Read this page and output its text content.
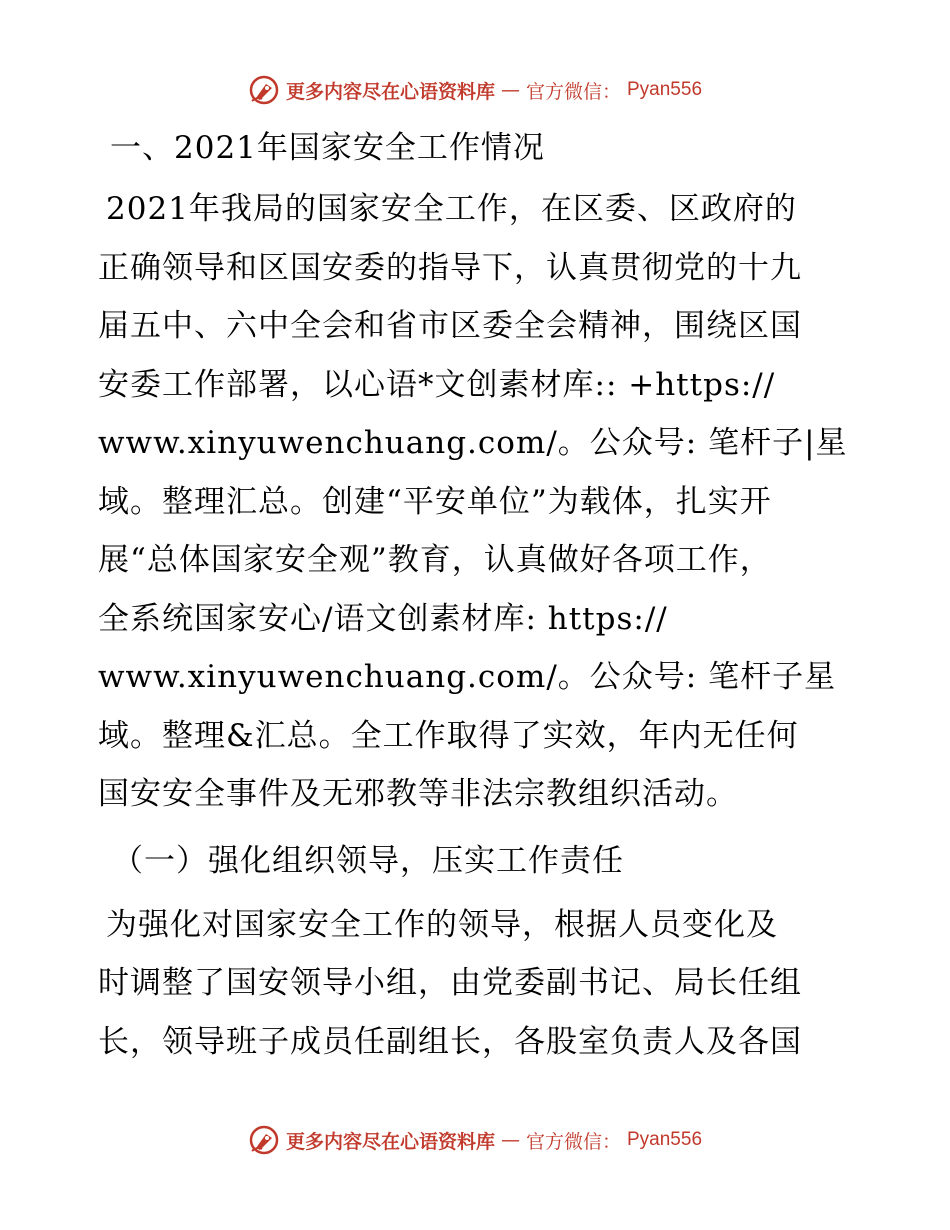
更多内容尽在心语资料库 — 官方微信： Pyan556
一、2021年国家安全工作情况

2021年我局的国家安全工作，在区委、区政府的
正确领导和区国安委的指导下，认真贯彻党的十九
届五中、六中全会和省市区委全会精神，围绕区国
安委工作部署，以心语*文创素材库:: +https://
www.xinyuwenchuang.com/。公众号: 笔杆子|星
域。整理汇总。创建“平安单位”为载体，扎实开
展“总体国家安全观”教育，认真做好各项工作，
全系统国家安心/语文创素材库: https://
www.xinyuwenchuang.com/。公众号: 笔杆子星
域。整理&汇总。全工作取得了实效，年内无任何
国安安全事件及无邪教等非法宗教组织活动。

（一）强化组织领导，压实工作责任

为强化对国家安全工作的领导，根据人员变化及
时调整了国安领导小组，由党委副书记、局长任组
长，领导班子成员任副组长，各股室负责人及各国

更多内容尽在心语资料库 — 官方微信： Pyan556
